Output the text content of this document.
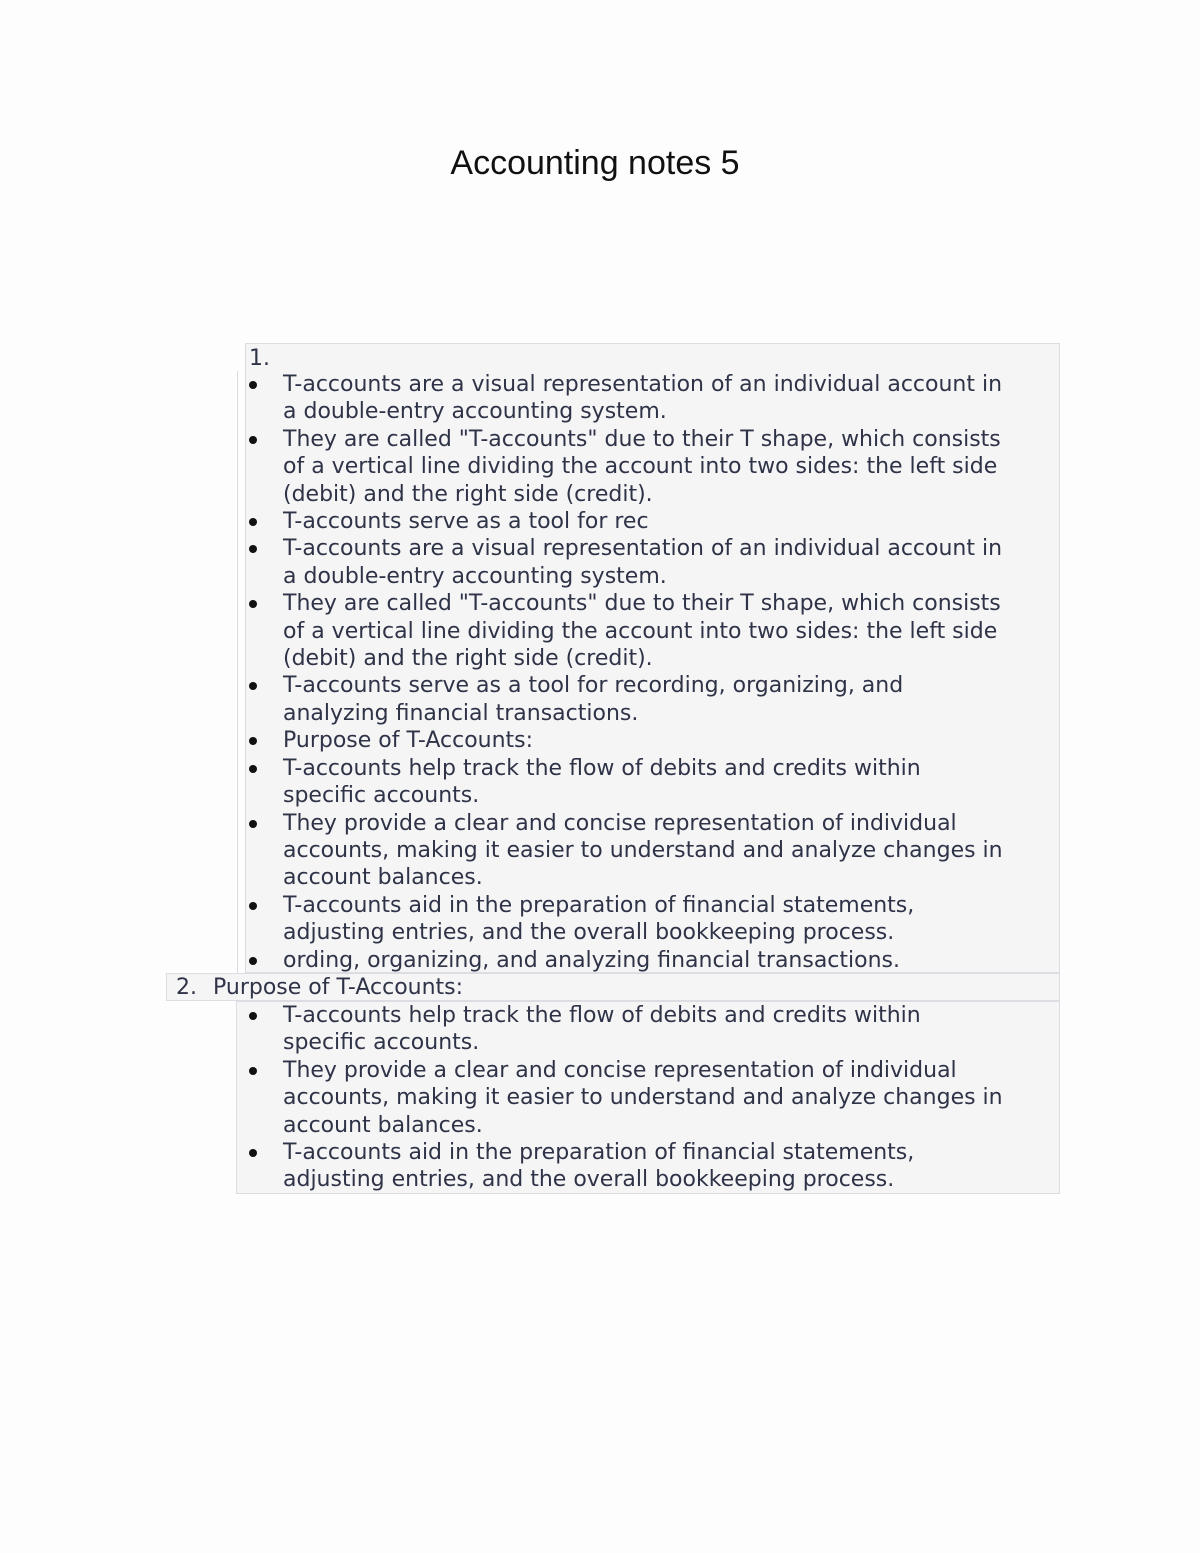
Accounting notes 5
1.
T-accounts are a visual representation of an individual account in
a double-entry accounting system.
They are called "T-accounts" due to their T shape, which consists
of a vertical line dividing the account into two sides: the left side
(debit) and the right side (credit).
T-accounts serve as a tool for rec
T-accounts are a visual representation of an individual account in
a double-entry accounting system.
They are called "T-accounts" due to their T shape, which consists
of a vertical line dividing the account into two sides: the left side
(debit) and the right side (credit).
T-accounts serve as a tool for recording, organizing, and
analyzing financial transactions.
Purpose of T-Accounts:
T-accounts help track the flow of debits and credits within
specific accounts.
They provide a clear and concise representation of individual
accounts, making it easier to understand and analyze changes in
account balances.
T-accounts aid in the preparation of financial statements,
adjusting entries, and the overall bookkeeping process.
ording, organizing, and analyzing financial transactions.
2. Purpose of T-Accounts:
T-accounts help track the flow of debits and credits within
specific accounts.
They provide a clear and concise representation of individual
accounts, making it easier to understand and analyze changes in
account balances.
T-accounts aid in the preparation of financial statements,
adjusting entries, and the overall bookkeeping process.
